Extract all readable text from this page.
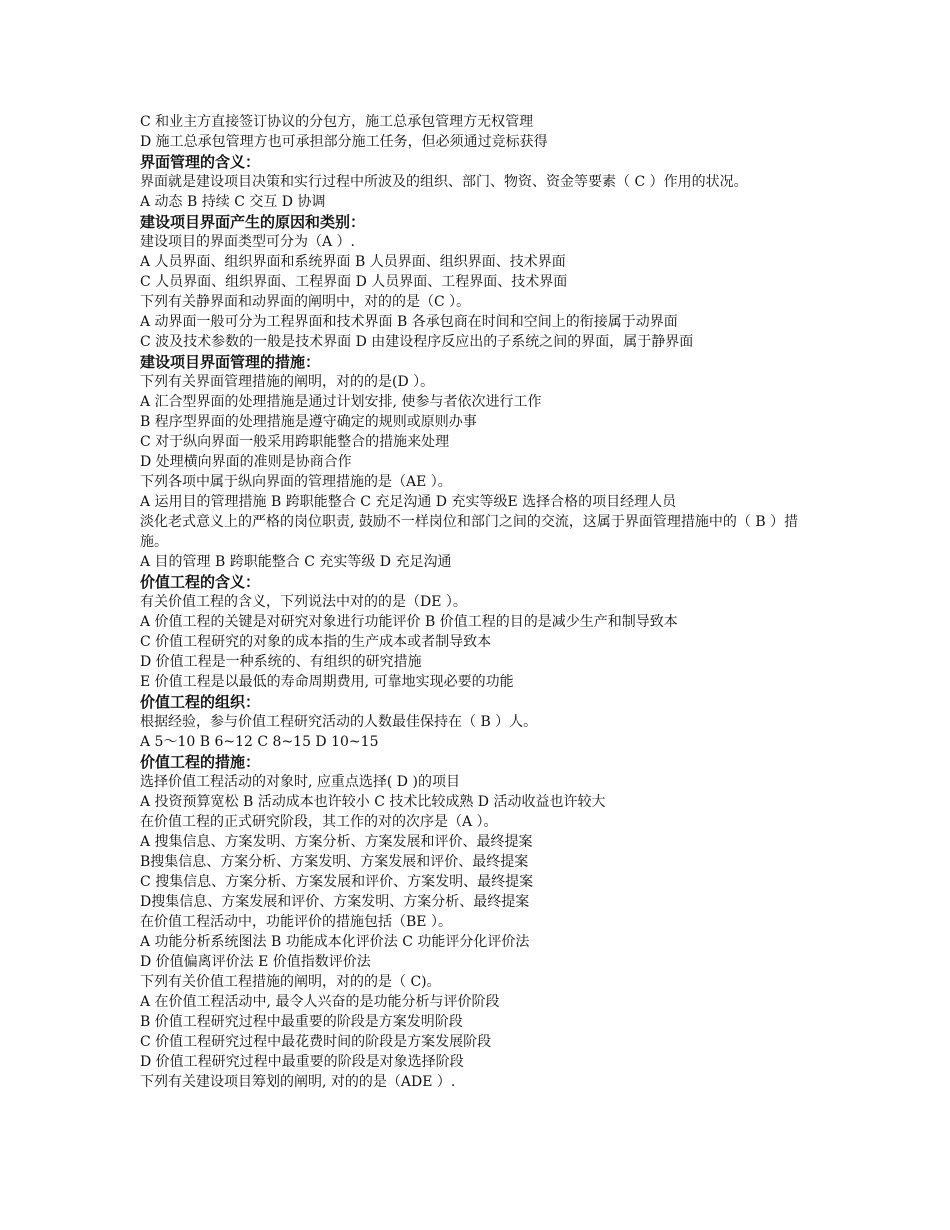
C 和业主方直接签订协议的分包方，施工总承包管理方无权管理
D 施工总承包管理方也可承担部分施工任务，但必须通过竞标获得
界面管理的含义：
界面就是建设项目决策和实行过程中所波及的组织、部门、物资、资金等要素（ C ）作用的状况。
A 动态 B 持续 C 交互 D 协调
建设项目界面产生的原因和类别：
建设项目的界面类型可分为（A ）.
A 人员界面、组织界面和系统界面 B 人员界面、组织界面、技术界面
C 人员界面、组织界面、工程界面 D 人员界面、工程界面、技术界面
下列有关静界面和动界面的阐明中，对的的是（C ）。
A 动界面一般可分为工程界面和技术界面 B 各承包商在时间和空间上的衔接属于动界面
C 波及技术参数的一般是技术界面 D 由建设程序反应出的子系统之间的界面，属于静界面
建设项目界面管理的措施：
下列有关界面管理措施的阐明，对的的是(D ）。
A 汇合型界面的处理措施是通过计划安排, 使参与者依次进行工作
B 程序型界面的处理措施是遵守确定的规则或原则办事
C 对于纵向界面一般采用跨职能整合的措施来处理
D 处理横向界面的准则是协商合作
下列各项中属于纵向界面的管理措施的是（AE ）。
A 运用目的管理措施 B 跨职能整合 C 充足沟通 D 充实等级E 选择合格的项目经理人员
淡化老式意义上的严格的岗位职责, 鼓励不一样岗位和部门之间的交流，这属于界面管理措施中的（ B ）措施。
A 目的管理 B 跨职能整合 C 充实等级 D 充足沟通
价值工程的含义：
有关价值工程的含义，下列说法中对的的是（DE ）。
A 价值工程的关键是对研究对象进行功能评价 B 价值工程的目的是减少生产和制导致本
C 价值工程研究的对象的成本指的生产成本或者制导致本
D 价值工程是一种系统的、有组织的研究措施
E 价值工程是以最低的寿命周期费用, 可靠地实现必要的功能
价值工程的组织：
根据经验，参与价值工程研究活动的人数最佳保持在（ B ）人。
A 5～10 B 6~12 C 8~15 D 10~15
价值工程的措施：
选择价值工程活动的对象时, 应重点选择( D )的项目
A 投资预算宽松 B 活动成本也许较小 C 技术比较成熟 D 活动收益也许较大
在价值工程的正式研究阶段，其工作的对的次序是（A ）。
A 搜集信息、方案发明、方案分析、方案发展和评价、最终提案
B搜集信息、方案分析、方案发明、方案发展和评价、最终提案
C 搜集信息、方案分析、方案发展和评价、方案发明、最终提案
D搜集信息、方案发展和评价、方案发明、方案分析、最终提案
在价值工程活动中，功能评价的措施包括（BE ）。
A 功能分析系统图法 B 功能成本化评价法 C 功能评分化评价法
D 价值偏离评价法 E 价值指数评价法
下列有关价值工程措施的阐明，对的的是（ C)。
A 在价值工程活动中, 最令人兴奋的是功能分析与评价阶段
B 价值工程研究过程中最重要的阶段是方案发明阶段
C 价值工程研究过程中最花费时间的阶段是方案发展阶段
D 价值工程研究过程中最重要的阶段是对象选择阶段
下列有关建设项目筹划的阐明, 对的的是（ADE ）.
